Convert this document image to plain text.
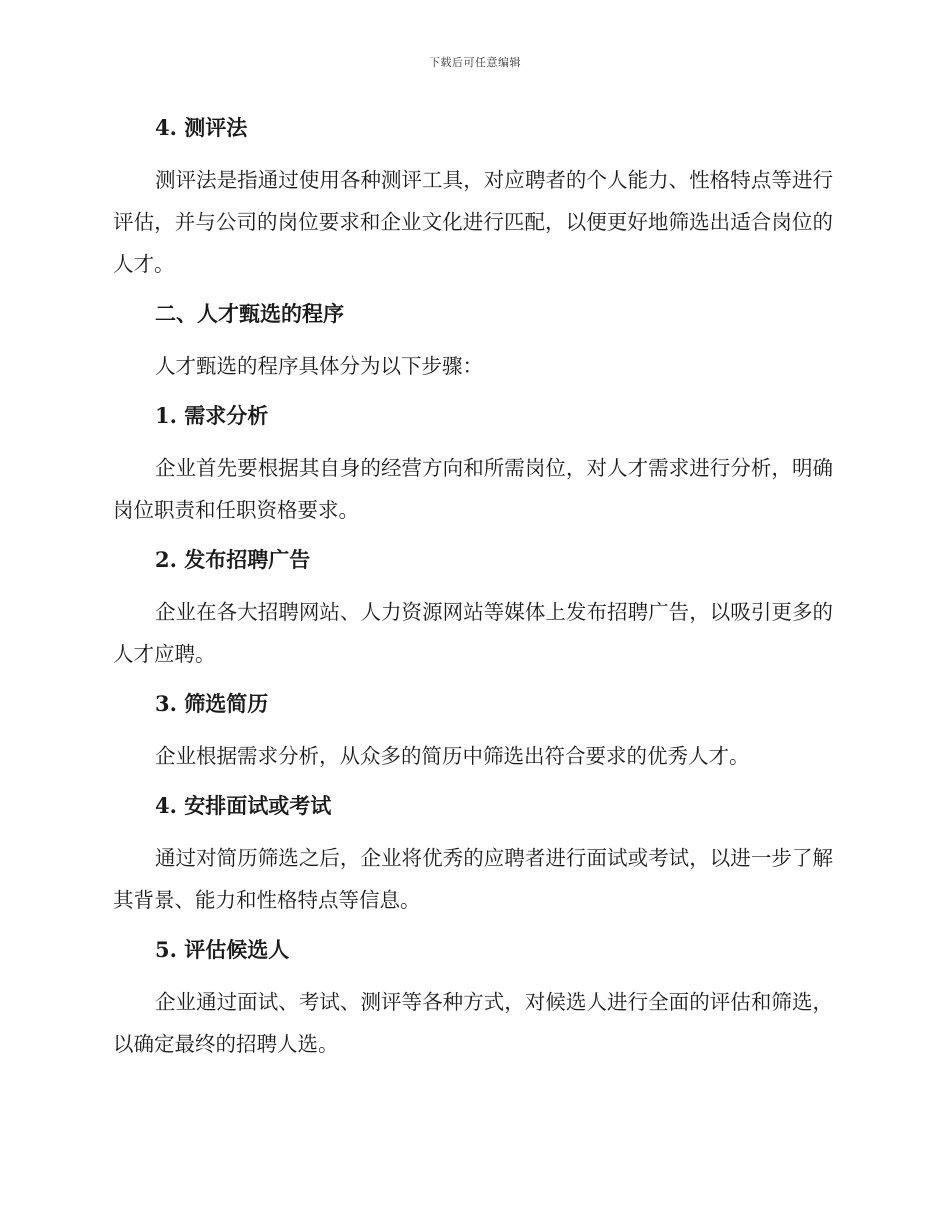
下载后可任意编辑
4. 测评法
测评法是指通过使用各种测评工具，对应聘者的个人能力、性格特点等进行评估，并与公司的岗位要求和企业文化进行匹配，以便更好地筛选出适合岗位的人才。
二、人才甄选的程序
人才甄选的程序具体分为以下步骤：
1. 需求分析
企业首先要根据其自身的经营方向和所需岗位，对人才需求进行分析，明确岗位职责和任职资格要求。
2. 发布招聘广告
企业在各大招聘网站、人力资源网站等媒体上发布招聘广告，以吸引更多的人才应聘。
3. 筛选简历
企业根据需求分析，从众多的简历中筛选出符合要求的优秀人才。
4. 安排面试或考试
通过对简历筛选之后，企业将优秀的应聘者进行面试或考试，以进一步了解其背景、能力和性格特点等信息。
5. 评估候选人
企业通过面试、考试、测评等各种方式，对候选人进行全面的评估和筛选，以确定最终的招聘人选。
